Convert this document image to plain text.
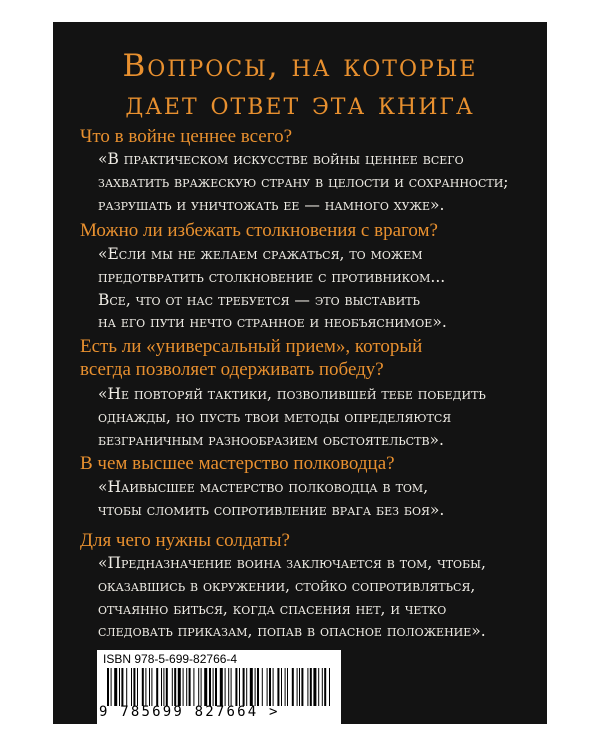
Вопросы, на которые
дает ответ эта книга
Что в войне ценнее всего?
«В практическом искусстве войны ценнее всего
захватить вражескую страну в целости и сохранности;
разрушать и уничтожать ее — намного хуже».
Можно ли избежать столкновения с врагом?
«Если мы не желаем сражаться, то можем
предотвратить столкновение с противником...
Все, что от нас требуется — это выставить
на его пути нечто странное и необъяснимое».
Есть ли «универсальный прием», который
всегда позволяет одерживать победу?
«Не повторяй тактики, позволившей тебе победить
однажды, но пусть твои методы определяются
безграничным разнообразием обстоятельств».
В чем высшее мастерство полководца?
«Наивысшее мастерство полководца в том,
чтобы сломить сопротивление врага без боя».
Для чего нужны солдаты?
«Предназначение воина заключается в том, чтобы,
оказавшись в окружении, стойко сопротивляться,
отчаянно биться, когда спасения нет, и четко
следовать приказам, попав в опасное положение».
ISBN 978-5-699-82766-4
9 785699 827664 >
